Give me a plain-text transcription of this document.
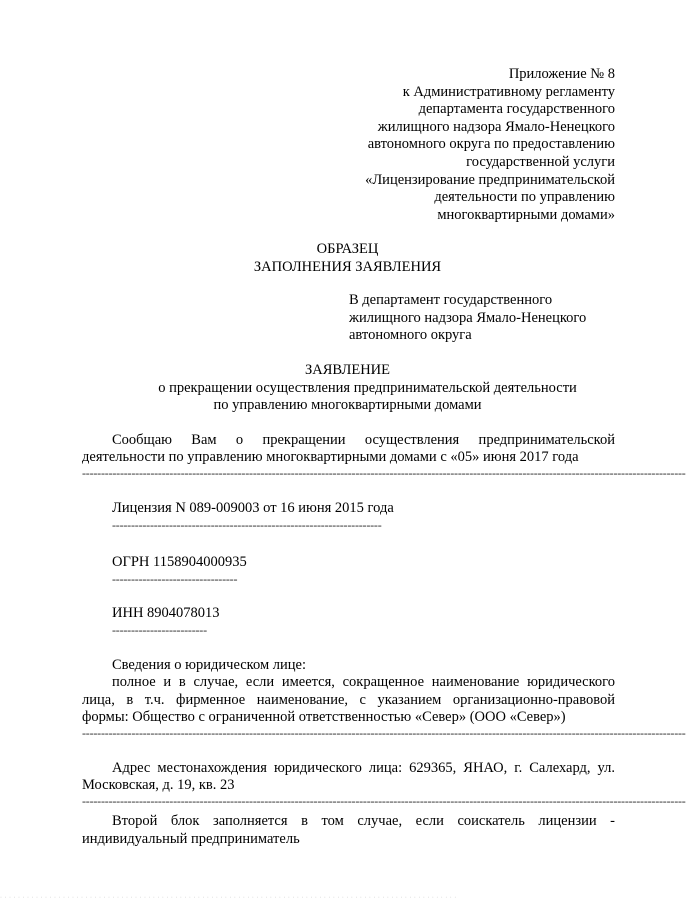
Приложение № 8
к Административному регламенту
департамента государственного
жилищного надзора Ямало-Ненецкого
автономного округа по предоставлению
государственной услуги
«Лицензирование предпринимательской
деятельности по управлению
многоквартирными домами»
ОБРАЗЕЦ
ЗАПОЛНЕНИЯ ЗАЯВЛЕНИЯ
В департамент государственного
жилищного надзора Ямало-Ненецкого
автономного округа
ЗАЯВЛЕНИЕ
о прекращении осуществления предпринимательской деятельности
по управлению многоквартирными домами
Сообщаю Вам о прекращении осуществления предпринимательской
деятельности по управлению многоквартирными домами с «05» июня 2017 года
---------------------------------------------------------------------------------------------------------------------------------------------------------------
Лицензия N 089-009003 от 16 июня 2015 года
-----------------------------------------------------------------------
ОГРН 1158904000935
---------------------------------
ИНН 8904078013
-------------------------
Сведения о юридическом лице:
полное и в случае, если имеется, сокращенное наименование юридического
лица, в т.ч. фирменное наименование, с указанием организационно-правовой
формы: Общество с ограниченной ответственностью «Север» (ООО «Север»)
---------------------------------------------------------------------------------------------------------------------------------------------------------------
Адрес местонахождения юридического лица: 629365, ЯНАО, г. Салехард, ул.
Московская, д. 19, кв. 23
---------------------------------------------------------------------------------------------------------------------------------------------------------------
Второй блок заполняется в том случае, если соискатель лицензии -
индивидуальный предприниматель
· · · · · · · · · · · · · · · · · · · · · · · · · · · · · · · · · · · · · · · · · · · · · · · · · · · · · · · · · · · · · · · · · · · · · · · · · · · · · · · · · · · · · · · · · · · · · · · · · · · · · ·
